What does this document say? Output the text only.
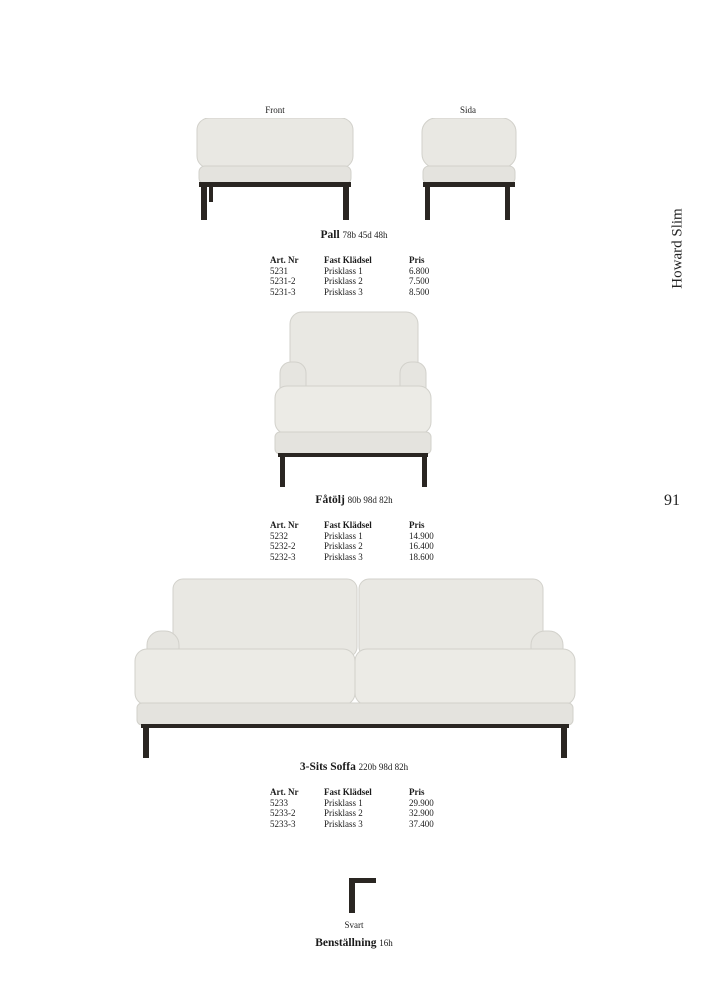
Howard Slim
91
Front	Sida
Pall 78b 45d 48h
Art. Nr	Fast Klädsel	Pris
5231	Prisklass 1	6.800
5231-2	Prisklass 2	7.500
5231-3	Prisklass 3	8.500
Fåtölj 80b 98d 82h
Art. Nr	Fast Klädsel	Pris
5232	Prisklass 1	14.900
5232-2	Prisklass 2	16.400
5232-3	Prisklass 3	18.600
3-Sits Soffa 220b 98d 82h
Art. Nr	Fast Klädsel	Pris
5233	Prisklass 1	29.900
5233-2	Prisklass 2	32.900
5233-3	Prisklass 3	37.400
Svart
Benställning 16h
